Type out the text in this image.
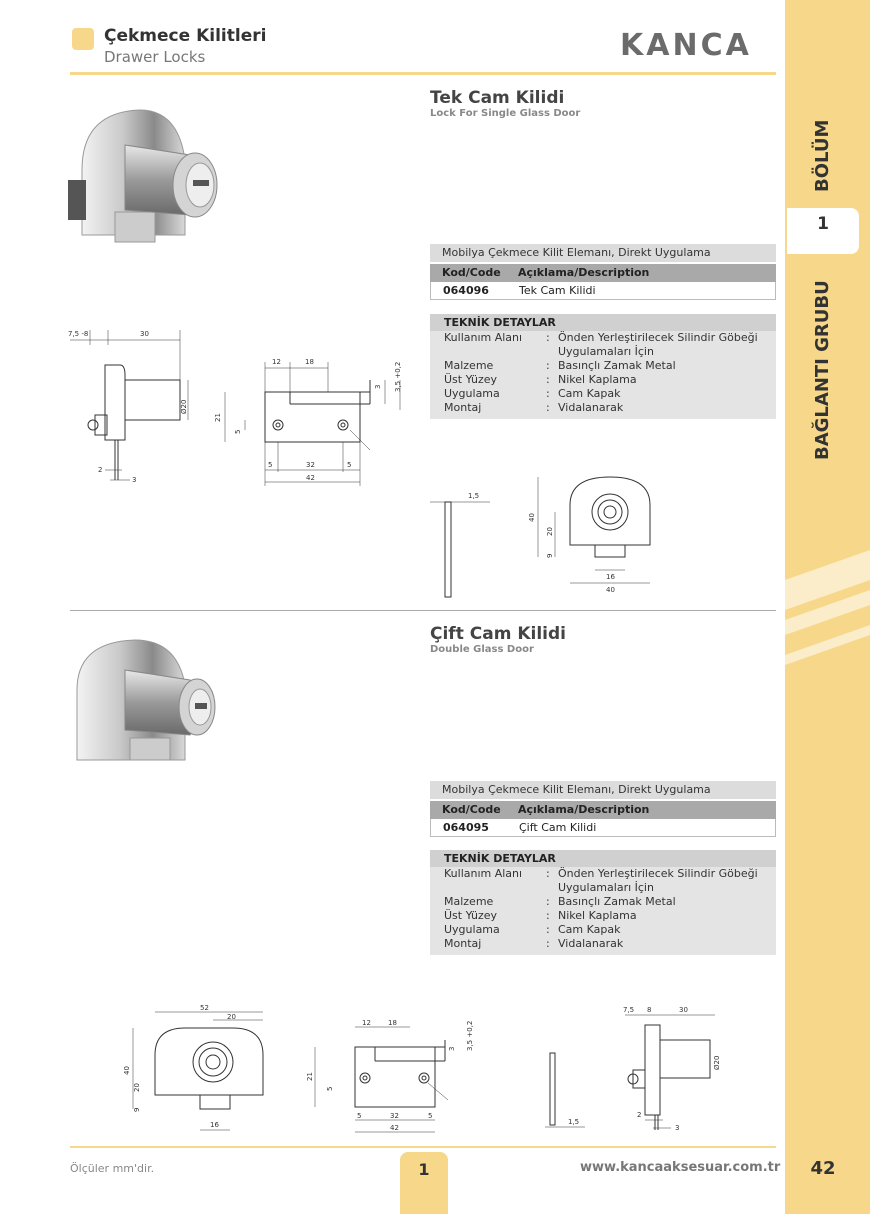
Çekmece Kilitleri
Drawer Locks	KANCA
1
BÖLÜM
BAĞLANTI GRUBU
Tek Cam Kilidi
Lock For Single Glass Door
7,5 -8	30
Ø20
2
3
12	18
3 3,5 +0,2
21
5
5	32	5
42
1,5
40
20
9
16
40
Mobilya Çekmece Kilit Elemanı, Direkt Uygulama
Kod/Code	Açıklama/Description
064096	Tek Cam Kilidi
TEKNİK DETAYLAR
Kullanım Alanı	: Önden Yerleştirilecek Silindir Göbeği Uygulamaları İçin
Malzeme	: Basınçlı Zamak Metal
Üst Yüzey	: Nikel Kaplama
Uygulama	: Cam Kapak
Montaj	: Vidalanarak
Çift Cam Kilidi
Double Glass Door
Mobilya Çekmece Kilit Elemanı, Direkt Uygulama
Kod/Code	Açıklama/Description
064095	Çift Cam Kilidi
TEKNİK DETAYLAR
Kullanım Alanı	: Önden Yerleştirilecek Silindir Göbeği Uygulamaları İçin
Malzeme	: Basınçlı Zamak Metal
Üst Yüzey	: Nikel Kaplama
Uygulama	: Cam Kapak
Montaj	: Vidalanarak
52
20
40
20
9
16
12 18
3 3,5 +0,2
21
5
5	32	5
42
1,5
7,5 8	30
Ø20
2
3
Ölçüler mm'dir.	1	www.kancaaksesuar.com.tr	42
